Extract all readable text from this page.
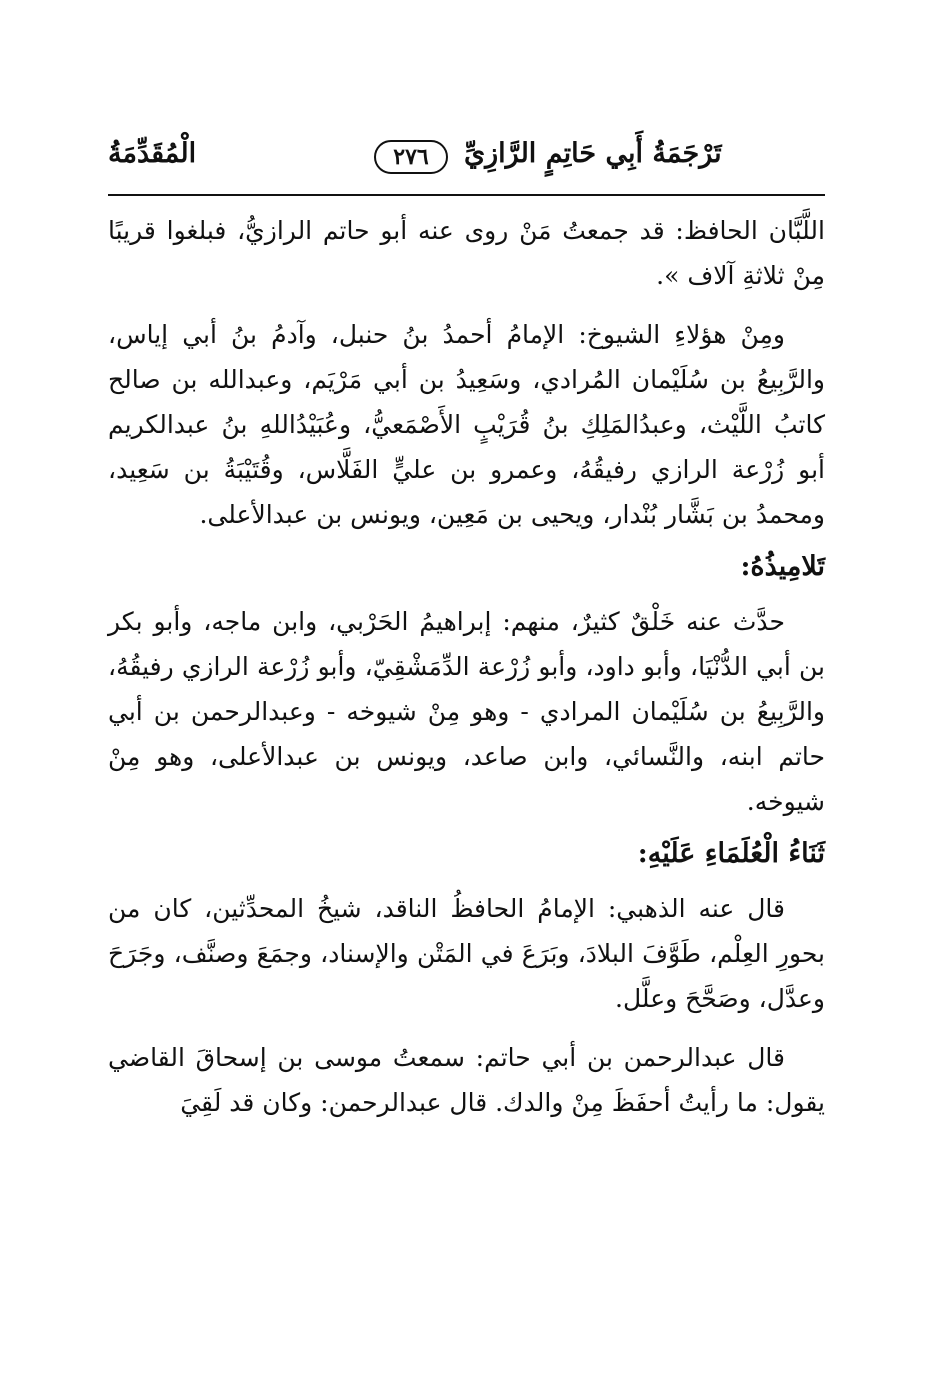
الْمُقَدِّمَةُ	٢٧٦	تَرْجَمَةُ أَبِي حَاتِمٍ الرَّازِيِّ

اللَّبَّان الحافظ: قد جمعتُ مَنْ روى عنه أبو حاتم الرازيُّ، فبلغوا قريبًا مِنْ ثلاثةِ آلاف ».

ومِنْ هؤلاءِ الشيوخ: الإمامُ أحمدُ بنُ حنبل، وآدمُ بنُ أبي إياس، والرَّبِيعُ بن سُلَيْمان المُرادي، وسَعِيدُ بن أبي مَرْيَم، وعبدالله بن صالح كاتبُ اللَّيْث، وعبدُالمَلِكِ بنُ قُرَيْبٍ الأَصْمَعيُّ، وعُبَيْدُاللهِ بنُ عبدالكريم أبو زُرْعة الرازي رفيقُهُ، وعمرو بن عليٍّ الفَلَّاس، وقُتَيْبَةُ بن سَعِيد، ومحمدُ بن بَشَّار بُنْدار، ويحيى بن مَعِين، ويونس بن عبدالأعلى.

تَلامِيذُهُ:

حدَّث عنه خَلْقٌ كثيرٌ، منهم: إبراهيمُ الحَرْبي، وابن ماجه، وأبو بكر بن أبي الدُّنْيَا، وأبو داود، وأبو زُرْعة الدِّمَشْقِيّ، وأبو زُرْعة الرازي رفيقُهُ، والرَّبِيعُ بن سُلَيْمان المرادي - وهو مِنْ شيوخه - وعبدالرحمن بن أبي حاتم ابنه، والنَّسائي، وابن صاعد، ويونس بن عبدالأعلى، وهو مِنْ شيوخه.

ثَنَاءُ الْعُلَمَاءِ عَلَيْهِ:

قال عنه الذهبي: الإمامُ الحافظُ الناقد، شيخُ المحدِّثين، كان من بحورِ العِلْم، طَوَّفَ البلادَ، وبَرَعَ في المَتْن والإسناد، وجمَعَ وصنَّف، وجَرَحَ وعدَّل، وصَحَّحَ وعلَّل.

قال عبدالرحمن بن أبي حاتم: سمعتُ موسى بن إسحاقَ القاضي يقول: ما رأيتُ أحفَظَ مِنْ والدك. قال عبدالرحمن: وكان قد لَقِيَ
